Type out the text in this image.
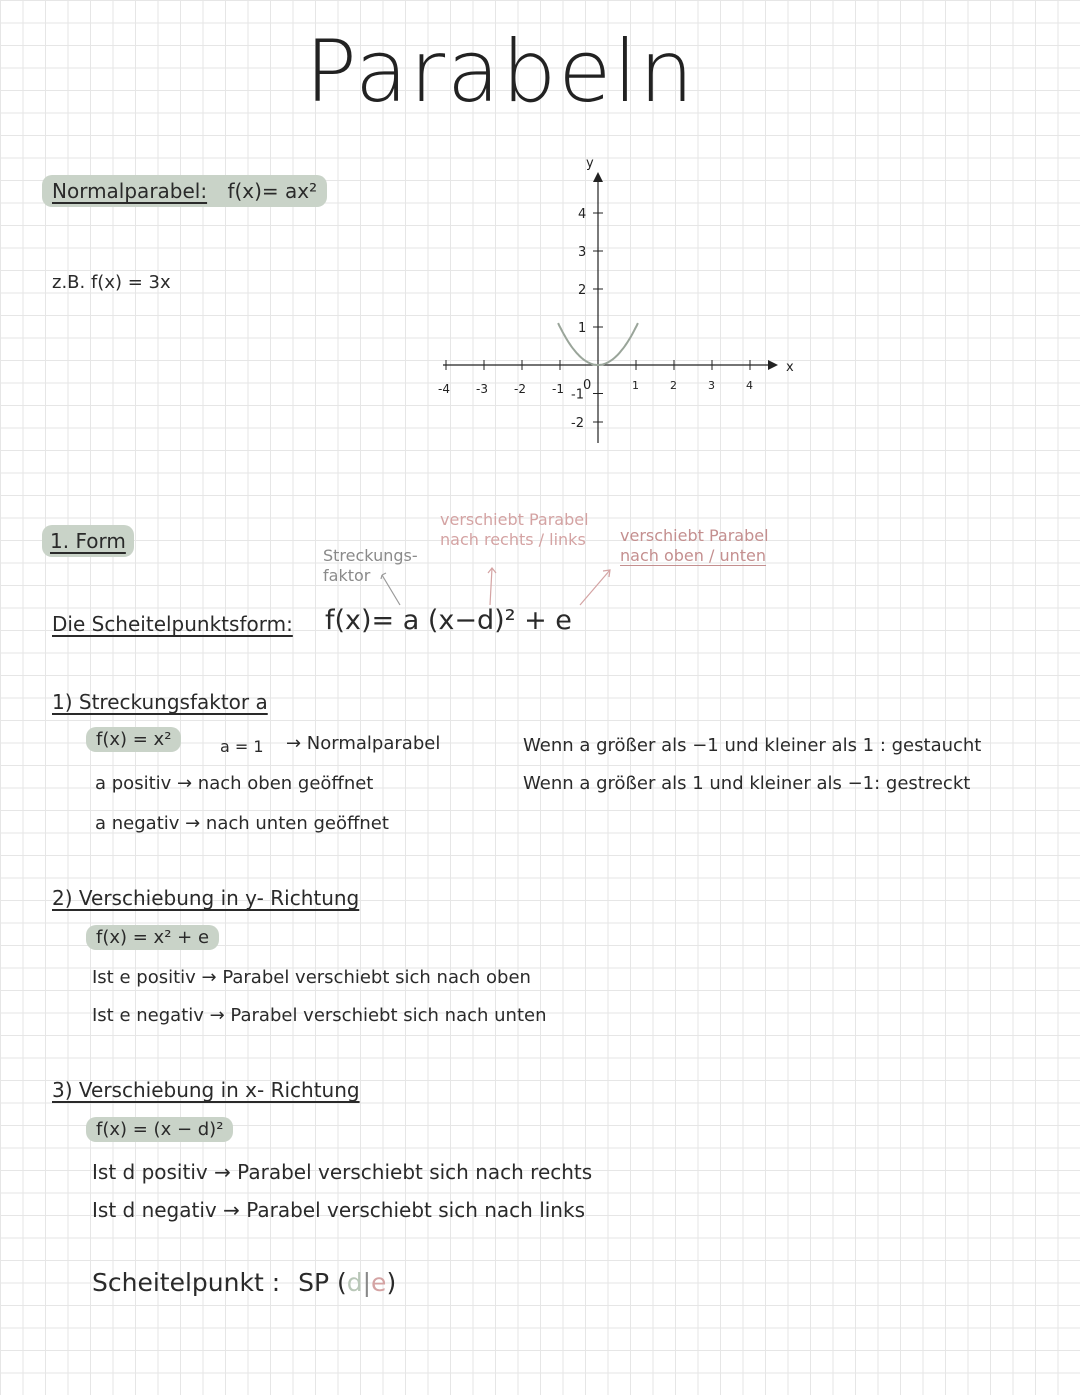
Parabeln
Normalparabel: f(x)= ax²
z.B. f(x) = 3x
x
y
0
-4 -3 -2 -1	1	2	3	4
1
2
3
4
-1
-2
1. Form
Streckungs-
faktor
verschiebt Parabel
nach rechts / links verschiebt Parabel
nach oben / unten
Die Scheitelpunktsform: f(x)= a (x−d)² + e
1) Streckungsfaktor a
f(x) = x²	a = 1 → Normalparabel
a positiv → nach oben geöffnet
a negativ → nach unten geöffnet
Wenn a größer als −1 und kleiner als 1 : gestaucht
Wenn a größer als 1 und kleiner als −1: gestreckt
2) Verschiebung in y- Richtung
f(x) = x² + e
Ist e positiv → Parabel verschiebt sich nach oben
Ist e negativ → Parabel verschiebt sich nach unten
3) Verschiebung in x- Richtung
f(x) = (x − d)²
Ist d positiv → Parabel verschiebt sich nach rechts
Ist d negativ → Parabel verschiebt sich nach links
Scheitelpunkt : SP (d|e)
